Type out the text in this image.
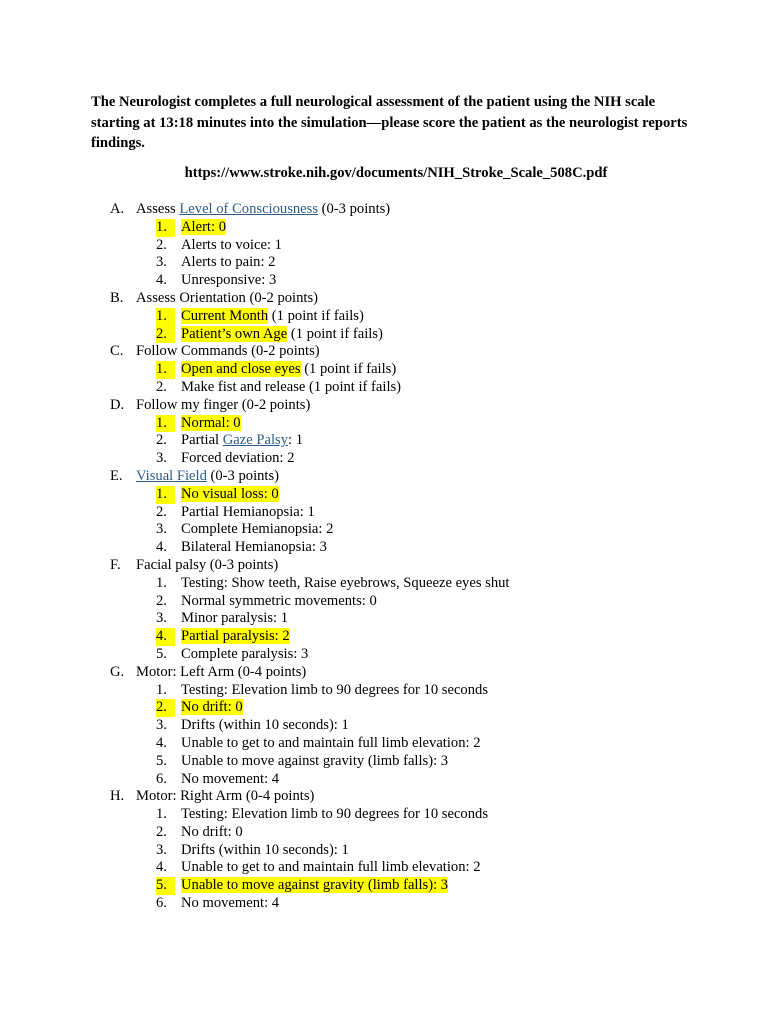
The Neurologist completes a full neurological assessment of the patient using the NIH scale starting at 13:18 minutes into the simulation—please score the patient as the neurologist reports findings.
https://www.stroke.nih.gov/documents/NIH_Stroke_Scale_508C.pdf
A. Assess Level of Consciousness (0-3 points)
1. Alert: 0
2. Alerts to voice: 1
3. Alerts to pain: 2
4. Unresponsive: 3
B. Assess Orientation (0-2 points)
1. Current Month (1 point if fails)
2. Patient’s own Age (1 point if fails)
C. Follow Commands (0-2 points)
1. Open and close eyes (1 point if fails)
2. Make fist and release (1 point if fails)
D. Follow my finger (0-2 points)
1. Normal: 0
2. Partial Gaze Palsy: 1
3. Forced deviation: 2
E. Visual Field (0-3 points)
1. No visual loss: 0
2. Partial Hemianopsia: 1
3. Complete Hemianopsia: 2
4. Bilateral Hemianopsia: 3
F. Facial palsy (0-3 points)
1. Testing: Show teeth, Raise eyebrows, Squeeze eyes shut
2. Normal symmetric movements: 0
3. Minor paralysis: 1
4. Partial paralysis: 2
5. Complete paralysis: 3
G. Motor: Left Arm (0-4 points)
1. Testing: Elevation limb to 90 degrees for 10 seconds
2. No drift: 0
3. Drifts (within 10 seconds): 1
4. Unable to get to and maintain full limb elevation: 2
5. Unable to move against gravity (limb falls): 3
6. No movement: 4
H. Motor: Right Arm (0-4 points)
1. Testing: Elevation limb to 90 degrees for 10 seconds
2. No drift: 0
3. Drifts (within 10 seconds): 1
4. Unable to get to and maintain full limb elevation: 2
5. Unable to move against gravity (limb falls): 3
6. No movement: 4
